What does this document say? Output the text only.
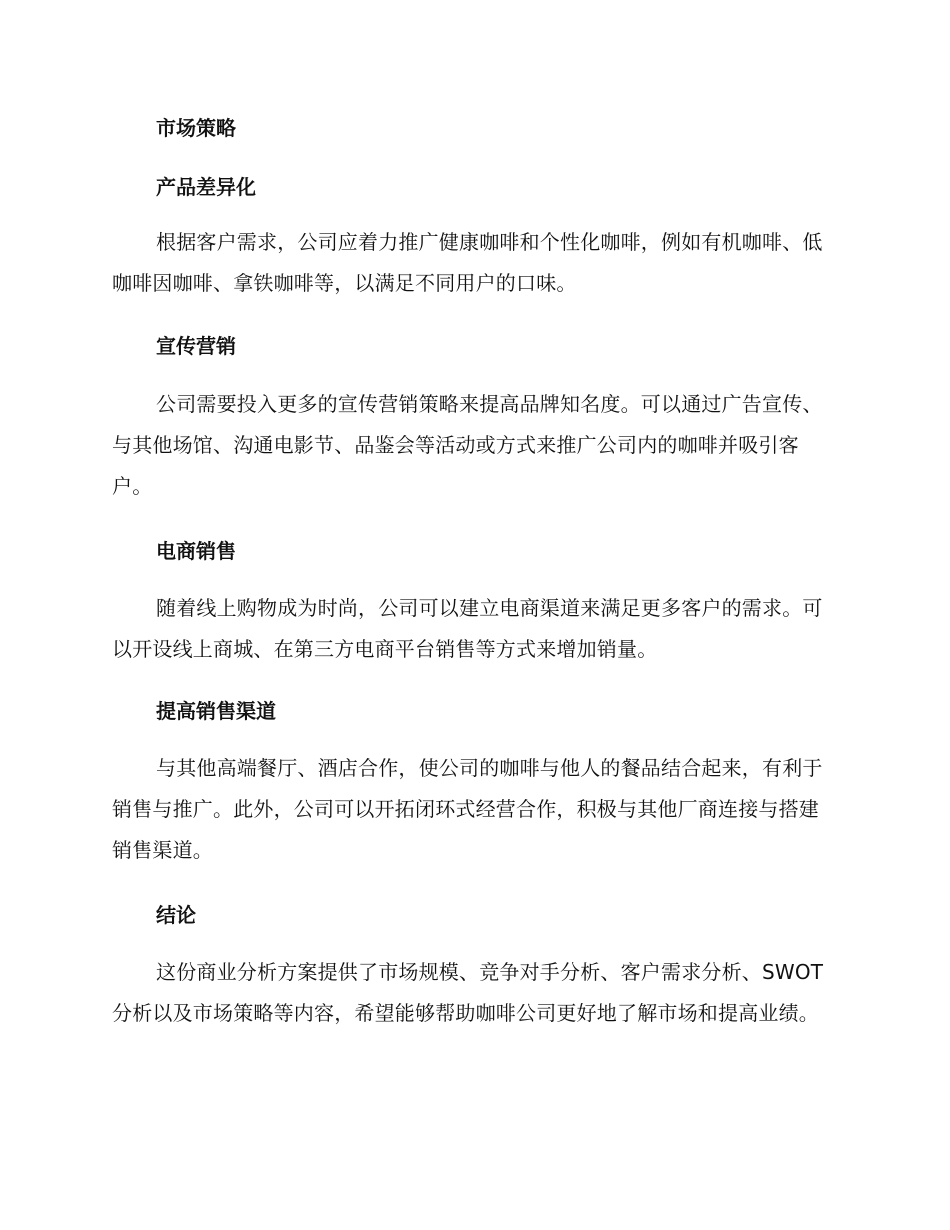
市场策略
产品差异化

根据客户需求，公司应着力推广健康咖啡和个性化咖啡，例如有机咖啡、低咖啡因咖啡、拿铁咖啡等，以满足不同用户的口味。

宣传营销

公司需要投入更多的宣传营销策略来提高品牌知名度。可以通过广告宣传、与其他场馆、沟通电影节、品鉴会等活动或方式来推广公司内的咖啡并吸引客户。

电商销售

随着线上购物成为时尚，公司可以建立电商渠道来满足更多客户的需求。可以开设线上商城、在第三方电商平台销售等方式来增加销量。

提高销售渠道

与其他高端餐厅、酒店合作，使公司的咖啡与他人的餐品结合起来，有利于销售与推广。此外，公司可以开拓闭环式经营合作，积极与其他厂商连接与搭建销售渠道。

结论

这份商业分析方案提供了市场规模、竞争对手分析、客户需求分析、SWOT分析以及市场策略等内容，希望能够帮助咖啡公司更好地了解市场和提高业绩。
